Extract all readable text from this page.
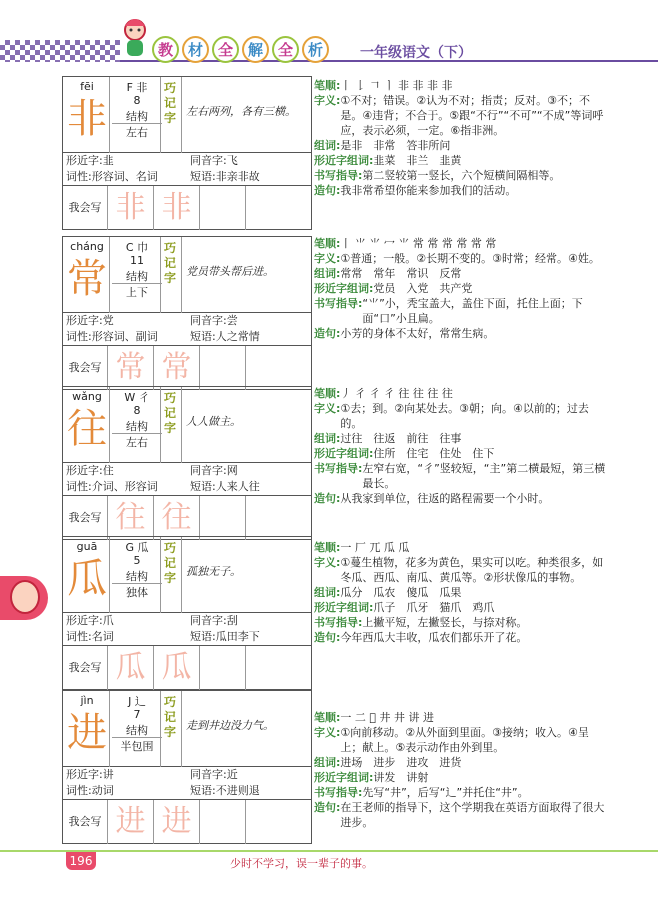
教 材 全 解 全 析	一年级语文（下）
fēi
非
F 非
8
结构
左右
巧记字 左右两列，各有三横。
形近字:韭	同音字:飞
词性:形容词、名词	短语:非亲非故
我会写 非 非
笔顺: 丨 𠄌 𠃍 ㅣ 非 非 非 非
字义: ①不对；错误。②认为不对；指责；反对。③不；不是。④违背；不合于。⑤跟“不行”“不可”“不成”等词呼应，表示必须，一定。⑥指非洲。
组词: 是非　非常　答非所问
形近字组词: 韭菜　非兰　韭黄
书写指导: 第二竖较第一竖长，六个短横间隔相等。
造句: 我非常希望你能来参加我们的活动。
cháng
常
C 巾
11
结构
上下
巧记字 党员带头帮后进。
形近字:党	同音字:尝
词性:形容词、副词	短语:人之常情
我会写 常 常
笔顺: 丨 ⺌ ⺌ 冖 ⺌ 常 常 常 常 常 常
字义: ①普通；一般。②长期不变的。③时常；经常。④姓。
组词: 常常　常年　常识　反常
形近字组词: 党员　入党　共产党
书写指导: “⺌”小，秃宝盖大，盖住下面，托住上面；下面“口”小且扁。
造句: 小芳的身体不太好，常常生病。
wǎng
往
W 彳
8
结构
左右
巧记字 人人做主。
形近字:住	同音字:网
词性:介词、形容词	短语:人来人往
我会写 往 往
笔顺: 丿 彳 彳 彳 往 往 往 往
字义: ①去；到。②向某处去。③朝；向。④以前的；过去的。
组词: 过往　往返　前往　往事
形近字组词: 住所　住宅　住处　住下
书写指导: 左窄右宽，“彳”竖较短，“主”第二横最短，第三横最长。
造句: 从我家到单位，往返的路程需要一个小时。
guā
瓜
G 瓜
5
结构
独体
巧记字 孤独无子。
形近字:爪	同音字:刮
词性:名词	短语:瓜田李下
我会写 瓜 瓜
笔顺: 一 厂 兀 瓜 瓜
字义: ①蔓生植物，花多为黄色，果实可以吃。种类很多，如冬瓜、西瓜、南瓜、黄瓜等。②形状像瓜的事物。
组词: 瓜分　瓜农　傻瓜　瓜果
形近字组词: 爪子　爪牙　猫爪　鸡爪
书写指导: 上撇平短，左撇竖长，与捺对称。
造句: 今年西瓜大丰收，瓜农们都乐开了花。
jìn
进
J 辶
7
结构
半包围
巧记字 走到井边没力气。
形近字:讲	同音字:近
词性:动词	短语:不进则退
我会写 进 进
笔顺: 一 二 𠀆 井 井 讲 进
字义: ①向前移动。②从外面到里面。③接纳；收入。④呈上；献上。⑤表示动作由外到里。
组词: 进场　进步　进攻　进货
形近字组词: 讲发　讲射
书写指导: 先写“井”，后写“辶”并托住“井”。
造句: 在王老师的指导下，这个学期我在英语方面取得了很大进步。
196	少时不学习，误一辈子的事。
